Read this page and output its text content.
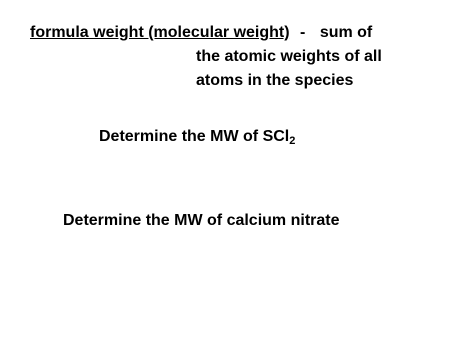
formula weight (molecular weight) - sum of
the atomic weights of all
atoms in the species
Determine the MW of SCl$_2$
Determine the MW of calcium nitrate
